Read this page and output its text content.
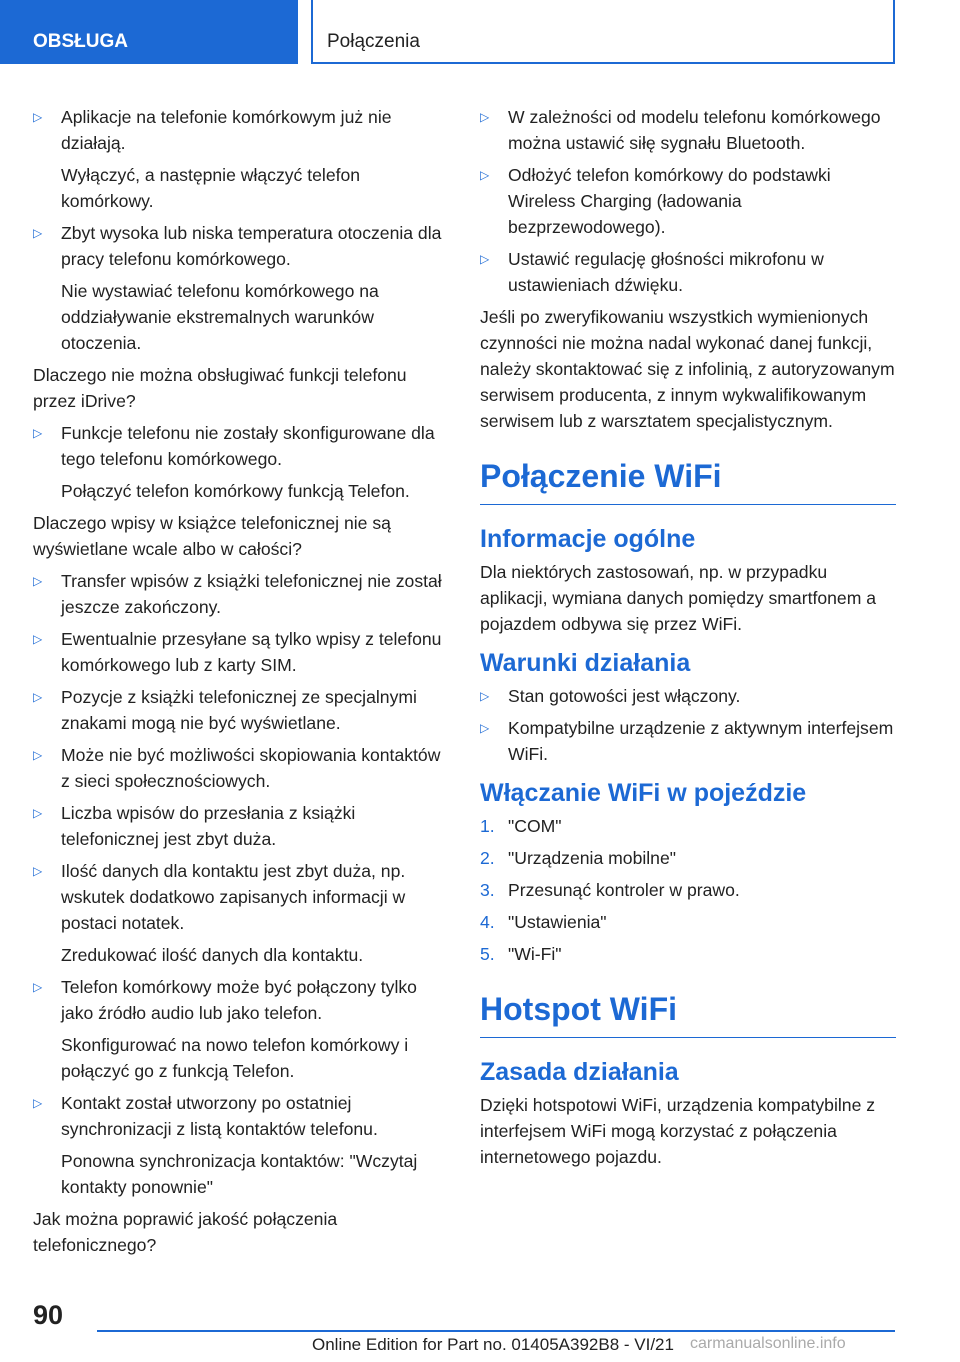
OBSŁUGA	Połączenia
▷
Aplikacje na telefonie komórkowym już nie działają.
Wyłączyć, a następnie włączyć telefon komórkowy.
▷
Zbyt wysoka lub niska temperatura otoczenia dla pracy telefonu komórkowego.
Nie wystawiać telefonu komórkowego na oddziaływanie ekstremalnych warunków otoczenia.
Dlaczego nie można obsługiwać funkcji telefonu przez iDrive?
▷
Funkcje telefonu nie zostały skonfigurowane dla tego telefonu komórkowego.
Połączyć telefon komórkowy funkcją Telefon.
Dlaczego wpisy w książce telefonicznej nie są wyświetlane wcale albo w całości?
▷
Transfer wpisów z książki telefonicznej nie został jeszcze zakończony.
▷
Ewentualnie przesyłane są tylko wpisy z telefonu komórkowego lub z karty SIM.
▷
Pozycje z książki telefonicznej ze specjalnymi znakami mogą nie być wyświetlane.
▷
Może nie być możliwości skopiowania kontaktów z sieci społecznościowych.
▷
Liczba wpisów do przesłania z książki telefonicznej jest zbyt duża.
▷
Ilość danych dla kontaktu jest zbyt duża, np. wskutek dodatkowo zapisanych informacji w postaci notatek.
Zredukować ilość danych dla kontaktu.
▷
Telefon komórkowy może być połączony tylko jako źródło audio lub jako telefon.
Skonfigurować na nowo telefon komórkowy i połączyć go z funkcją Telefon.
▷
Kontakt został utworzony po ostatniej synchronizacji z listą kontaktów telefonu.
Ponowna synchronizacja kontaktów: "Wczytaj kontakty ponownie"
Jak można poprawić jakość połączenia telefonicznego?
▷
W zależności od modelu telefonu komórkowego można ustawić siłę sygnału Bluetooth.
▷
Odłożyć telefon komórkowy do podstawki Wireless Charging (ładowania bezprzewodowego).
▷
Ustawić regulację głośności mikrofonu w ustawieniach dźwięku.
Jeśli po zweryfikowaniu wszystkich wymienionych czynności nie można nadal wykonać danej funkcji, należy skontaktować się z infolinią, z autoryzowanym serwisem producenta, z innym wykwalifikowanym serwisem lub z warsztatem specjalistycznym.
Połączenie WiFi
Informacje ogólne
Dla niektórych zastosowań, np. w przypadku aplikacji, wymiana danych pomiędzy smartfonem a pojazdem odbywa się przez WiFi.
Warunki działania
▷
Stan gotowości jest włączony.
▷
Kompatybilne urządzenie z aktywnym interfejsem WiFi.
Włączanie WiFi w pojeździe
1. "COM"
2. "Urządzenia mobilne"
3. Przesunąć kontroler w prawo.
4. "Ustawienia"
5. "Wi-Fi"
Hotspot WiFi
Zasada działania
Dzięki hotspotowi WiFi, urządzenia kompatybilne z interfejsem WiFi mogą korzystać z połączenia internetowego pojazdu.
90
Online Edition for Part no. 01405A392B8 - VI/21 carmanualsonline.info
